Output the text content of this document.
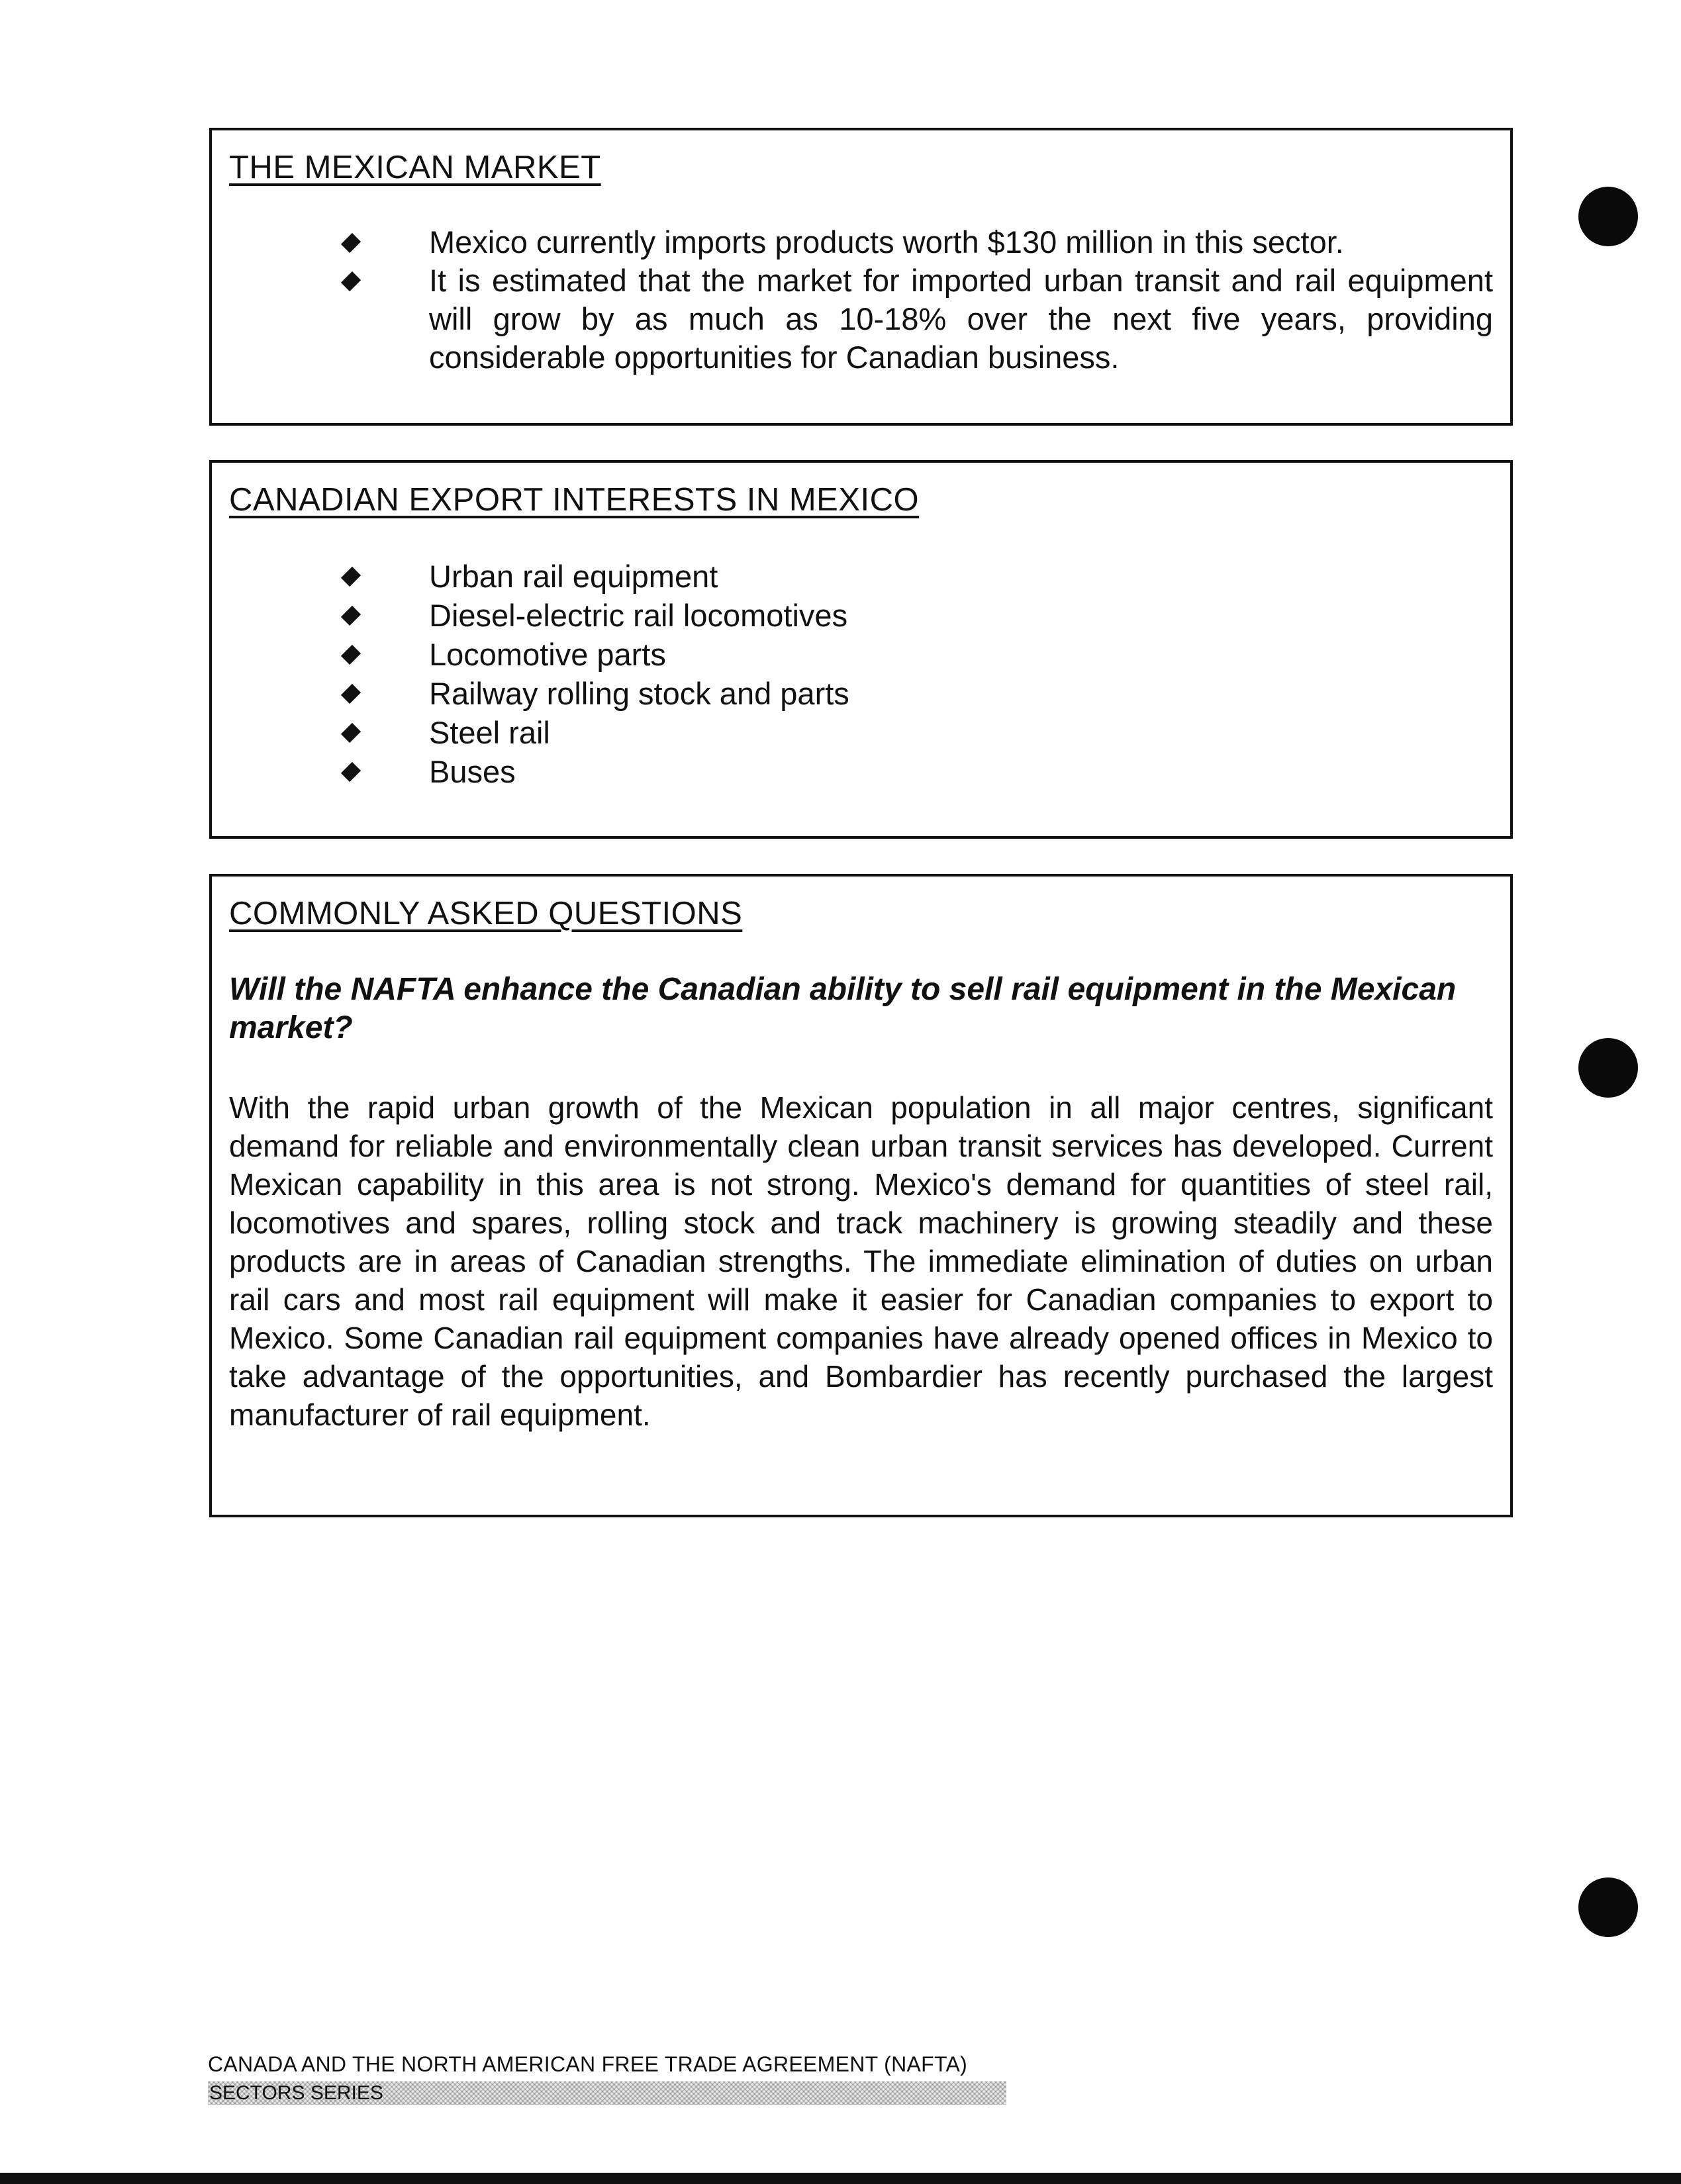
THE MEXICAN MARKET
Mexico currently imports products worth $130 million in this sector.
It is estimated that the market for imported urban transit and rail equipment will grow by as much as 10-18% over the next five years, providing considerable opportunities for Canadian business.
CANADIAN EXPORT INTERESTS IN MEXICO
Urban rail equipment
Diesel-electric rail locomotives
Locomotive parts
Railway rolling stock and parts
Steel rail
Buses
COMMONLY ASKED QUESTIONS

Will the NAFTA enhance the Canadian ability to sell rail equipment in the Mexican market?

With the rapid urban growth of the Mexican population in all major centres, significant demand for reliable and environmentally clean urban transit services has developed. Current Mexican capability in this area is not strong. Mexico's demand for quantities of steel rail, locomotives and spares, rolling stock and track machinery is growing steadily and these products are in areas of Canadian strengths. The immediate elimination of duties on urban rail cars and most rail equipment will make it easier for Canadian companies to export to Mexico. Some Canadian rail equipment companies have already opened offices in Mexico to take advantage of the opportunities, and Bombardier has recently purchased the largest manufacturer of rail equipment.

CANADA AND THE NORTH AMERICAN FREE TRADE AGREEMENT (NAFTA)
SECTORS SERIES
